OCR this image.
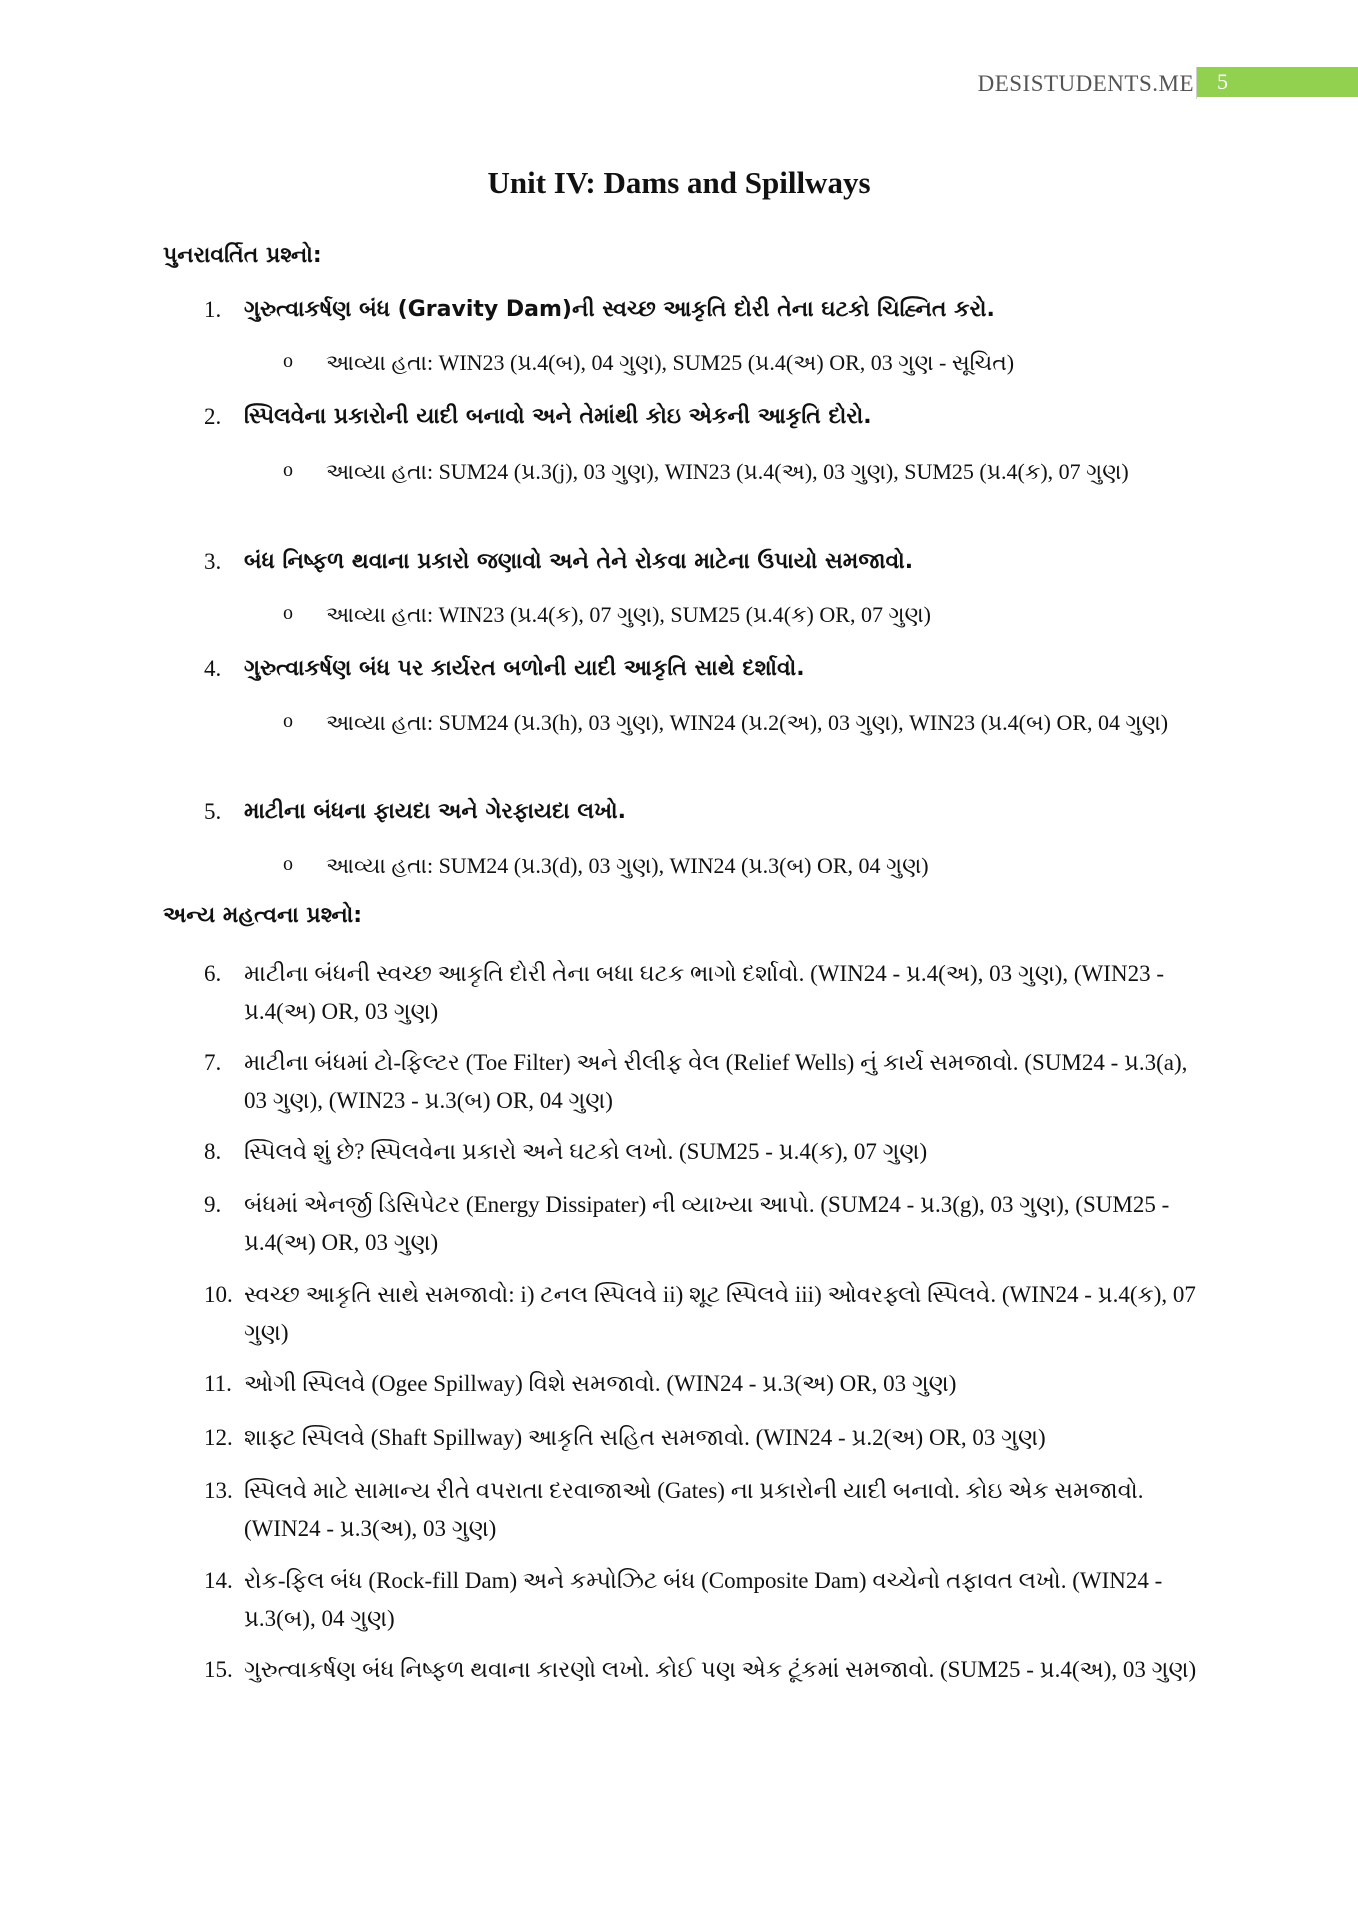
DESISTUDENTS.ME	5
Unit IV: Dams and Spillways
પુનરાવર્તિત પ્રશ્નો:
1. ગુરુત્વાકર્ષણ બંધ (Gravity Dam)ની સ્વચ્છ આકૃતિ દોરી તેના ઘટકો ચિહ્નિત કરો.
o આવ્યા હતા: WIN23 (પ્ર.4(બ), 04 ગુણ), SUM25 (પ્ર.4(અ) OR, 03 ગુણ - સૂચિત)
2. સ્પિલવેના પ્રકારોની યાદી બનાવો અને તેમાંથી કોઇ એકની આકૃતિ દોરો.
o આવ્યા હતા: SUM24 (પ્ર.3(j), 03 ગુણ), WIN23 (પ્ર.4(અ), 03 ગુણ), SUM25 (પ્ર.4(ક), 07 ગુણ)
3. બંધ નિષ્ફળ થવાના પ્રકારો જણાવો અને તેને રોકવા માટેના ઉપાયો સમજાવો.
o આવ્યા હતા: WIN23 (પ્ર.4(ક), 07 ગુણ), SUM25 (પ્ર.4(ક) OR, 07 ગુણ)
4. ગુરુત્વાકર્ષણ બંધ પર કાર્યરત બળોની યાદી આકૃતિ સાથે દર્શાવો.
o આવ્યા હતા: SUM24 (પ્ર.3(h), 03 ગુણ), WIN24 (પ્ર.2(અ), 03 ગુણ), WIN23 (પ્ર.4(બ) OR, 04 ગુણ)
5. માટીના બંધના ફાયદા અને ગેરફાયદા લખો.
o આવ્યા હતા: SUM24 (પ્ર.3(d), 03 ગુણ), WIN24 (પ્ર.3(બ) OR, 04 ગુણ)
અન્ય મહત્વના પ્રશ્નો:
6. માટીના બંધની સ્વચ્છ આકૃતિ દોરી તેના બધા ઘટક ભાગો દર્શાવો. (WIN24 - પ્ર.4(અ), 03 ગુણ), (WIN23 - પ્ર.4(અ) OR, 03 ગુણ)
7. માટીના બંધમાં ટો-ફિલ્ટર (Toe Filter) અને રીલીફ વેલ (Relief Wells) નું કાર્ય સમજાવો. (SUM24 - પ્ર.3(a), 03 ગુણ), (WIN23 - પ્ર.3(બ) OR, 04 ગુણ)
8. સ્પિલવે શું છે? સ્પિલવેના પ્રકારો અને ઘટકો લખો. (SUM25 - પ્ર.4(ક), 07 ગુણ)
9. બંધમાં એનર્જી ડિસિપેટર (Energy Dissipater) ની વ્યાખ્યા આપો. (SUM24 - પ્ર.3(g), 03 ગુણ), (SUM25 - પ્ર.4(અ) OR, 03 ગુણ)
10. સ્વચ્છ આકૃતિ સાથે સમજાવો: i) ટનલ સ્પિલવે ii) શૂટ સ્પિલવે iii) ઓવરફ્લો સ્પિલવે. (WIN24 - પ્ર.4(ક), 07 ગુણ)
11. ઓગી સ્પિલવે (Ogee Spillway) વિશે સમજાવો. (WIN24 - પ્ર.3(અ) OR, 03 ગુણ)
12. શાફ્ટ સ્પિલવે (Shaft Spillway) આકૃતિ સહિત સમજાવો. (WIN24 - પ્ર.2(અ) OR, 03 ગુણ)
13. સ્પિલવે માટે સામાન્ય રીતે વપરાતા દરવાજાઓ (Gates) ના પ્રકારોની યાદી બનાવો. કોઇ એક સમજાવો. (WIN24 - પ્ર.3(અ), 03 ગુણ)
14. રોક-ફિલ બંધ (Rock-fill Dam) અને કમ્પોઝિટ બંધ (Composite Dam) વચ્ચેનો તફાવત લખો. (WIN24 - પ્ર.3(બ), 04 ગુણ)
15. ગુરુત્વાકર્ષણ બંધ નિષ્ફળ થવાના કારણો લખો. કોઈ પણ એક ટૂંકમાં સમજાવો. (SUM25 - પ્ર.4(અ), 03 ગુણ)
